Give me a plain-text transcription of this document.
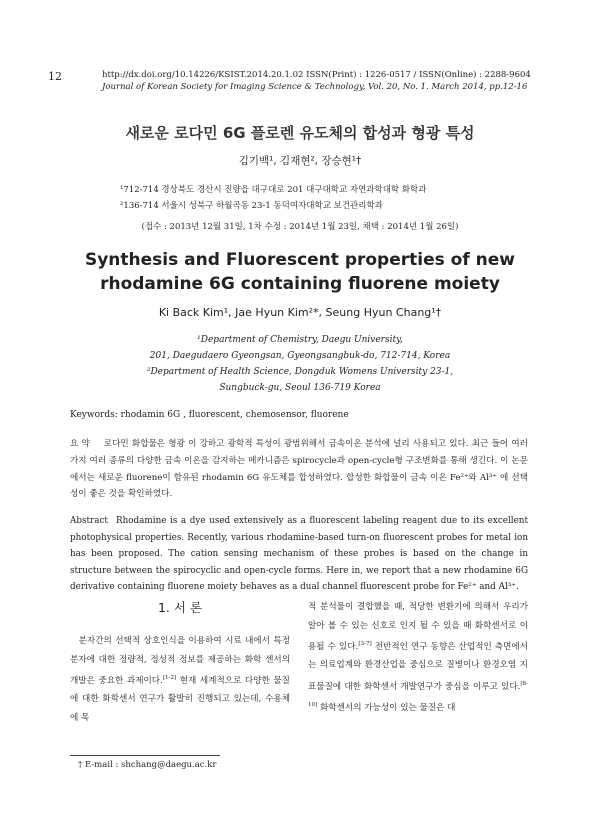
12	http://dx.doi.org/10.14226/KSIST.2014.20.1.02 ISSN(Print) : 1226-0517 / ISSN(Online) : 2288-9604
Journal of Korean Society for Imaging Science & Technology, Vol. 20, No. 1. March 2014, pp.12-16
새로운 로다민 6G 플로렌 유도체의 합성과 형광 특성
김기백¹, 김재현², 장승현¹†
¹712-714 경상북도 경산시 진량읍 대구대로 201 대구대학교 자연과학대학 화학과
²136-714 서울시 성북구 하월곡동 23-1 동덕여자대학교 보건관리학과
(접수 : 2013년 12월 31일, 1차 수정 : 2014년 1월 23일, 채택 : 2014년 1월 26일)
Synthesis and Fluorescent properties of new
rhodamine 6G containing fluorene moiety
Ki Back Kim¹, Jae Hyun Kim²*, Seung Hyun Chang¹†
¹Department of Chemistry, Daegu University,
201, Daegudaero Gyeongsan, Gyeongsangbuk-do, 712-714, Korea
²Department of Health Science, Dongduk Womens University 23-1,
Sungbuck-gu, Seoul 136-719 Korea
Keywords: rhodamin 6G , fluorescent, chemosensor, fluorene
요 약 로다민 화합물은 형광 이 강하고 광학적 특성이 광범위해서 금속이온 분석에 널리 사용되고 있다. 최근 들어 여러 가지 여러 종류의 다양한 금속 이온을 감지하는 메카니즘은 spirocycle과 open-cycle형 구조변화를 통해 생긴다. 이 논문에서는 새로운 fluorene이 함유된 rhodamin 6G 유도체를 합성하였다. 합성한 화합물이 금속 이온 Fe²⁺와 Al³⁺ 에 선택성이 좋은 것을 확인하였다.
Abstract Rhodamine is a dye used extensively as a fluorescent labeling reagent due to its excellent photophysical properties. Recently, various rhodamine-based turn-on fluorescent probes for metal ion has been proposed. The cation sensing mechanism of these probes is based on the change in structure between the spirocyclic and open-cycle forms. Here in, we report that a new rhodamine 6G derivative containing fluorene moiety behaves as a dual channel fluorescent probe for Fe²⁺ and Al³⁺.
1. 서 론
 분자간의 선택적 상호인식을 이용하여 시료 내에서 특정 분자에 대한 정량적, 정성적 정보를 제공하는 화학 센서의 개발은 중요한 과제이다.[1-2] 현재 세계적으로 다양한 물질에 대한 화학센서 연구가 활발히 진행되고 있는데, 수용체에 목
적 분석물이 결합했을 때, 적당한 변환기에 의해서 우리가 알아 볼 수 있는 신호로 인지 될 수 있을 때 화학센서로 이용될 수 있다.[3-7] 전반적인 연구 동향은 산업적인 측면에서는 의료업계와 환경산업을 중심으로 질병이나 환경오염 지표물질에 대한 화학센서 개발연구가 중심을 이루고 있다.[8-10] 화학센서의 가능성이 있는 물질은 대
† E-mail : shchang@daegu.ac.kr
